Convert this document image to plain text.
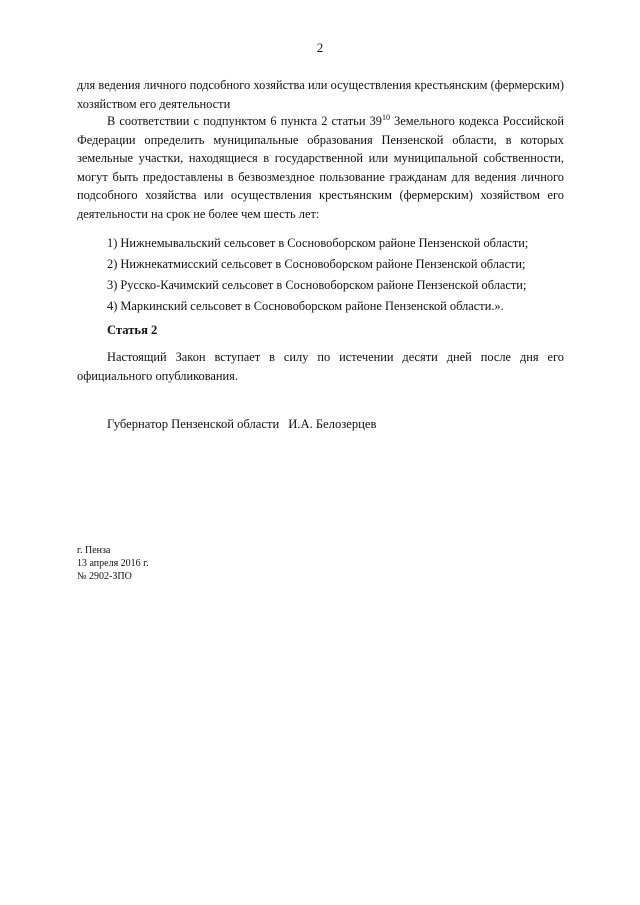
2
для ведения личного подсобного хозяйства или осуществления крестьянским (фермерским) хозяйством его деятельности
В соответствии с подпунктом 6 пункта 2 статьи $39^{10}$ Земельного кодекса Российской Федерации определить муниципальные образования Пензенской области, в которых земельные участки, находящиеся в государственной или муниципальной собственности, могут быть предоставлены в безвозмездное пользование гражданам для ведения личного подсобного хозяйства или осуществления крестьянским (фермерским) хозяйством его деятельности на срок не более чем шесть лет:
1) Нижнемывальский сельсовет в Сосновоборском районе Пензенской области;
2) Нижнекатмисский сельсовет в Сосновоборском районе Пензенской области;
3) Русско-Качимский сельсовет в Сосновоборском районе Пензенской области;
4) Маркинский сельсовет в Сосновоборском районе Пензенской области.».
Статья 2
Настоящий Закон вступает в силу по истечении десяти дней после дня его официального опубликования.
Губернатор Пензенской области И.А. Белозерцев
г. Пенза
13 апреля 2016 г.
№ 2902-ЗПО
